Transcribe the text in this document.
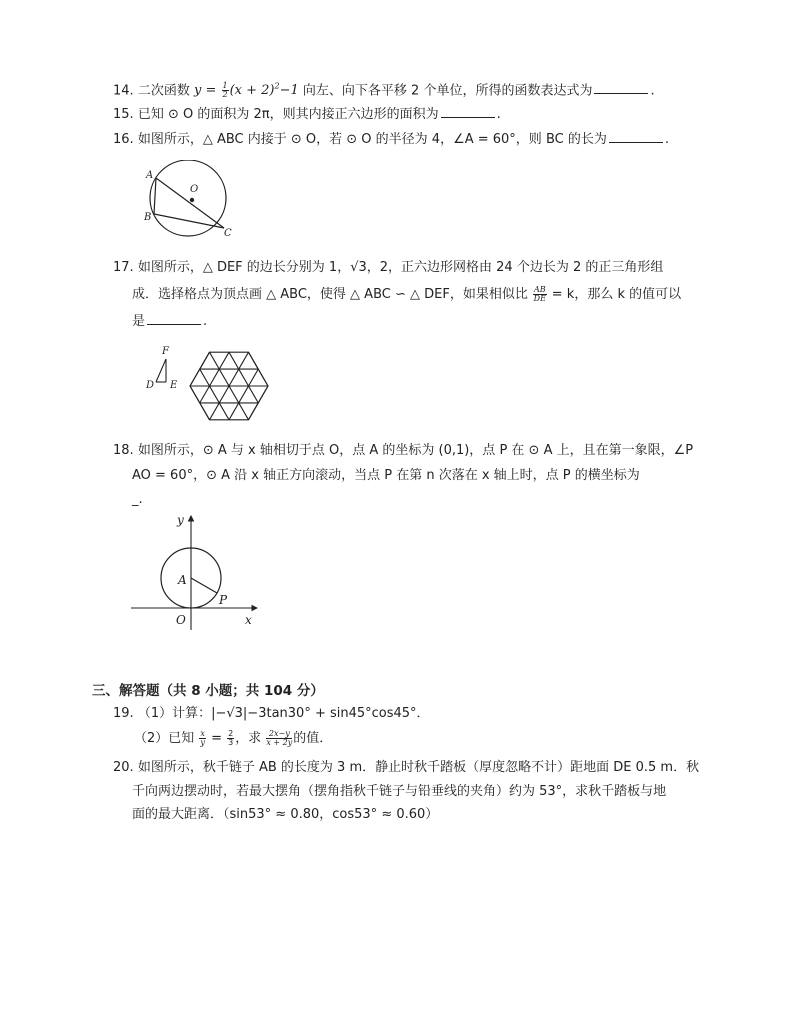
14. 二次函数 $y = \frac{1}{2} (x + 2)^2-1$ 向左、向下各平移 2 个单位，所得的函数表达式为	.
15. 已知 ⊙ O 的面积为 2π，则其内接正六边形的面积为	.
16. 如图所示，△ ABC 内接于 ⊙ O，若 ⊙ O 的半径为 4，∠A = 60°，则 BC 的长为	.
A
B
C
O
17. 如图所示，△ DEF 的边长分别为 1，√3，2，正六边形网格由 24 个边长为 2 的正三角形组
成．选择格点为顶点画 △ ABC，使得 △ ABC ∽ △ DEF，如果相似比 $\frac{AB}{DE} = k$，那么 k 的值可以
是	.
D E
F
18. 如图所示，⊙ A 与 x 轴相切于点 O，点 A 的坐标为 (0,1)，点 P 在 ⊙ A 上，且在第一象限，∠P
AO = 60°，⊙ A 沿 x 轴正方向滚动，当点 P 在第 n 次落在 x 轴上时，点 P 的横坐标为
_.
y
x
O
A
P
三、解答题（共 8 小题；共 104 分）
19. （1）计算：|−√3|−3tan30° + sin45°cos45°．
（2）已知 $\frac{x}{y} = \frac{2}{3}$ ，求 $\frac{2x-y}{x + 2y}$ 的值．
20. 如图所示，秋千链子 AB 的长度为 3 m．静止时秋千踏板（厚度忽略不计）距地面 DE 0.5 m．秋
千向两边摆动时，若最大摆角（摆角指秋千链子与铅垂线的夹角）约为 53°，求秋千踏板与地
面的最大距离．（sin53° ≈ 0.80，cos53° ≈ 0.60）
